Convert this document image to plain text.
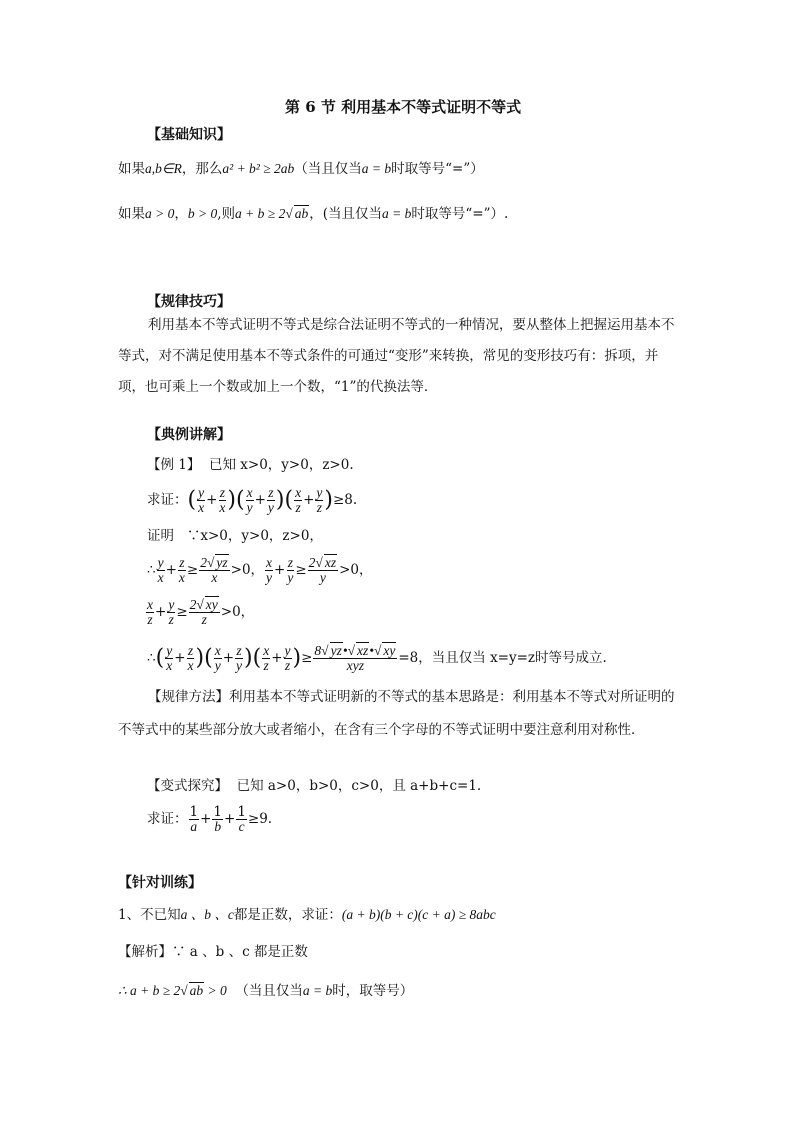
第 6 节 利用基本不等式证明不等式
【基础知识】
如果a,b∈R，那么a² + b² ≥ 2ab（当且仅当a = b时取等号“=”）
如果a > 0，b > 0,则a + b ≥ 2√ ab，(当且仅当a = b时取等号“=”）.
【规律技巧】
利用基本不等式证明不等式是综合法证明不等式的一种情况，要从整体上把握运用基本不等式，对不满足使用基本不等式条件的可通过“变形”来转换，常见的变形技巧有：拆项，并项，也可乘上一个数或加上一个数，“1”的代换法等．
【典例讲解】
【例 1】 已知 x>0，y>0，z>0.
求证：( $\frac{y}{x} + \frac{z}{x}$ )( $\frac{x}{y} + \frac{z}{y}$ )( $\frac{x}{z} + \frac{y}{z} )\ge 8$.
证明 ∵x>0，y>0，z>0，
∴ $\frac{y}{x} + \frac{z}{x} \ge \frac{2√ yz}{x} >0$， $\frac{x}{y} + \frac{z}{y} \ge \frac{2√ xz}{y} >0$，
$\frac{x}{z} + \frac{y}{z} \ge \frac{2√ xy}{z} >0$，
∴( $\frac{y}{x} + \frac{z}{x}$ )( $\frac{x}{y} + \frac{z}{y}$ )( $\frac{x}{z} + \frac{y}{z}$ )≥ $\frac{8√ yz•√ xz•√ xy}{\text{xyz}} =8$，当且仅当 x=y=z时等号成立.
【规律方法】利用基本不等式证明新的不等式的基本思路是：利用基本不等式对所证明的不等式中的某些部分放大或者缩小，在含有三个字母的不等式证明中要注意利用对称性．
【变式探究】 已知 a>0，b>0，c>0，且 a+b+c=1.
求证： $\frac{1}{a} + \frac{1}{b} + \frac{1}{c} \ge 9$.
【针对训练】
1、不已知a 、b 、c都是正数，求证：(a + b)(b + c)(c + a) ≥ 8abc
【解析】∵ a 、b 、c 都是正数
∴ a + b ≥ 2√ ab > 0 （当且仅当a = b时，取等号）
